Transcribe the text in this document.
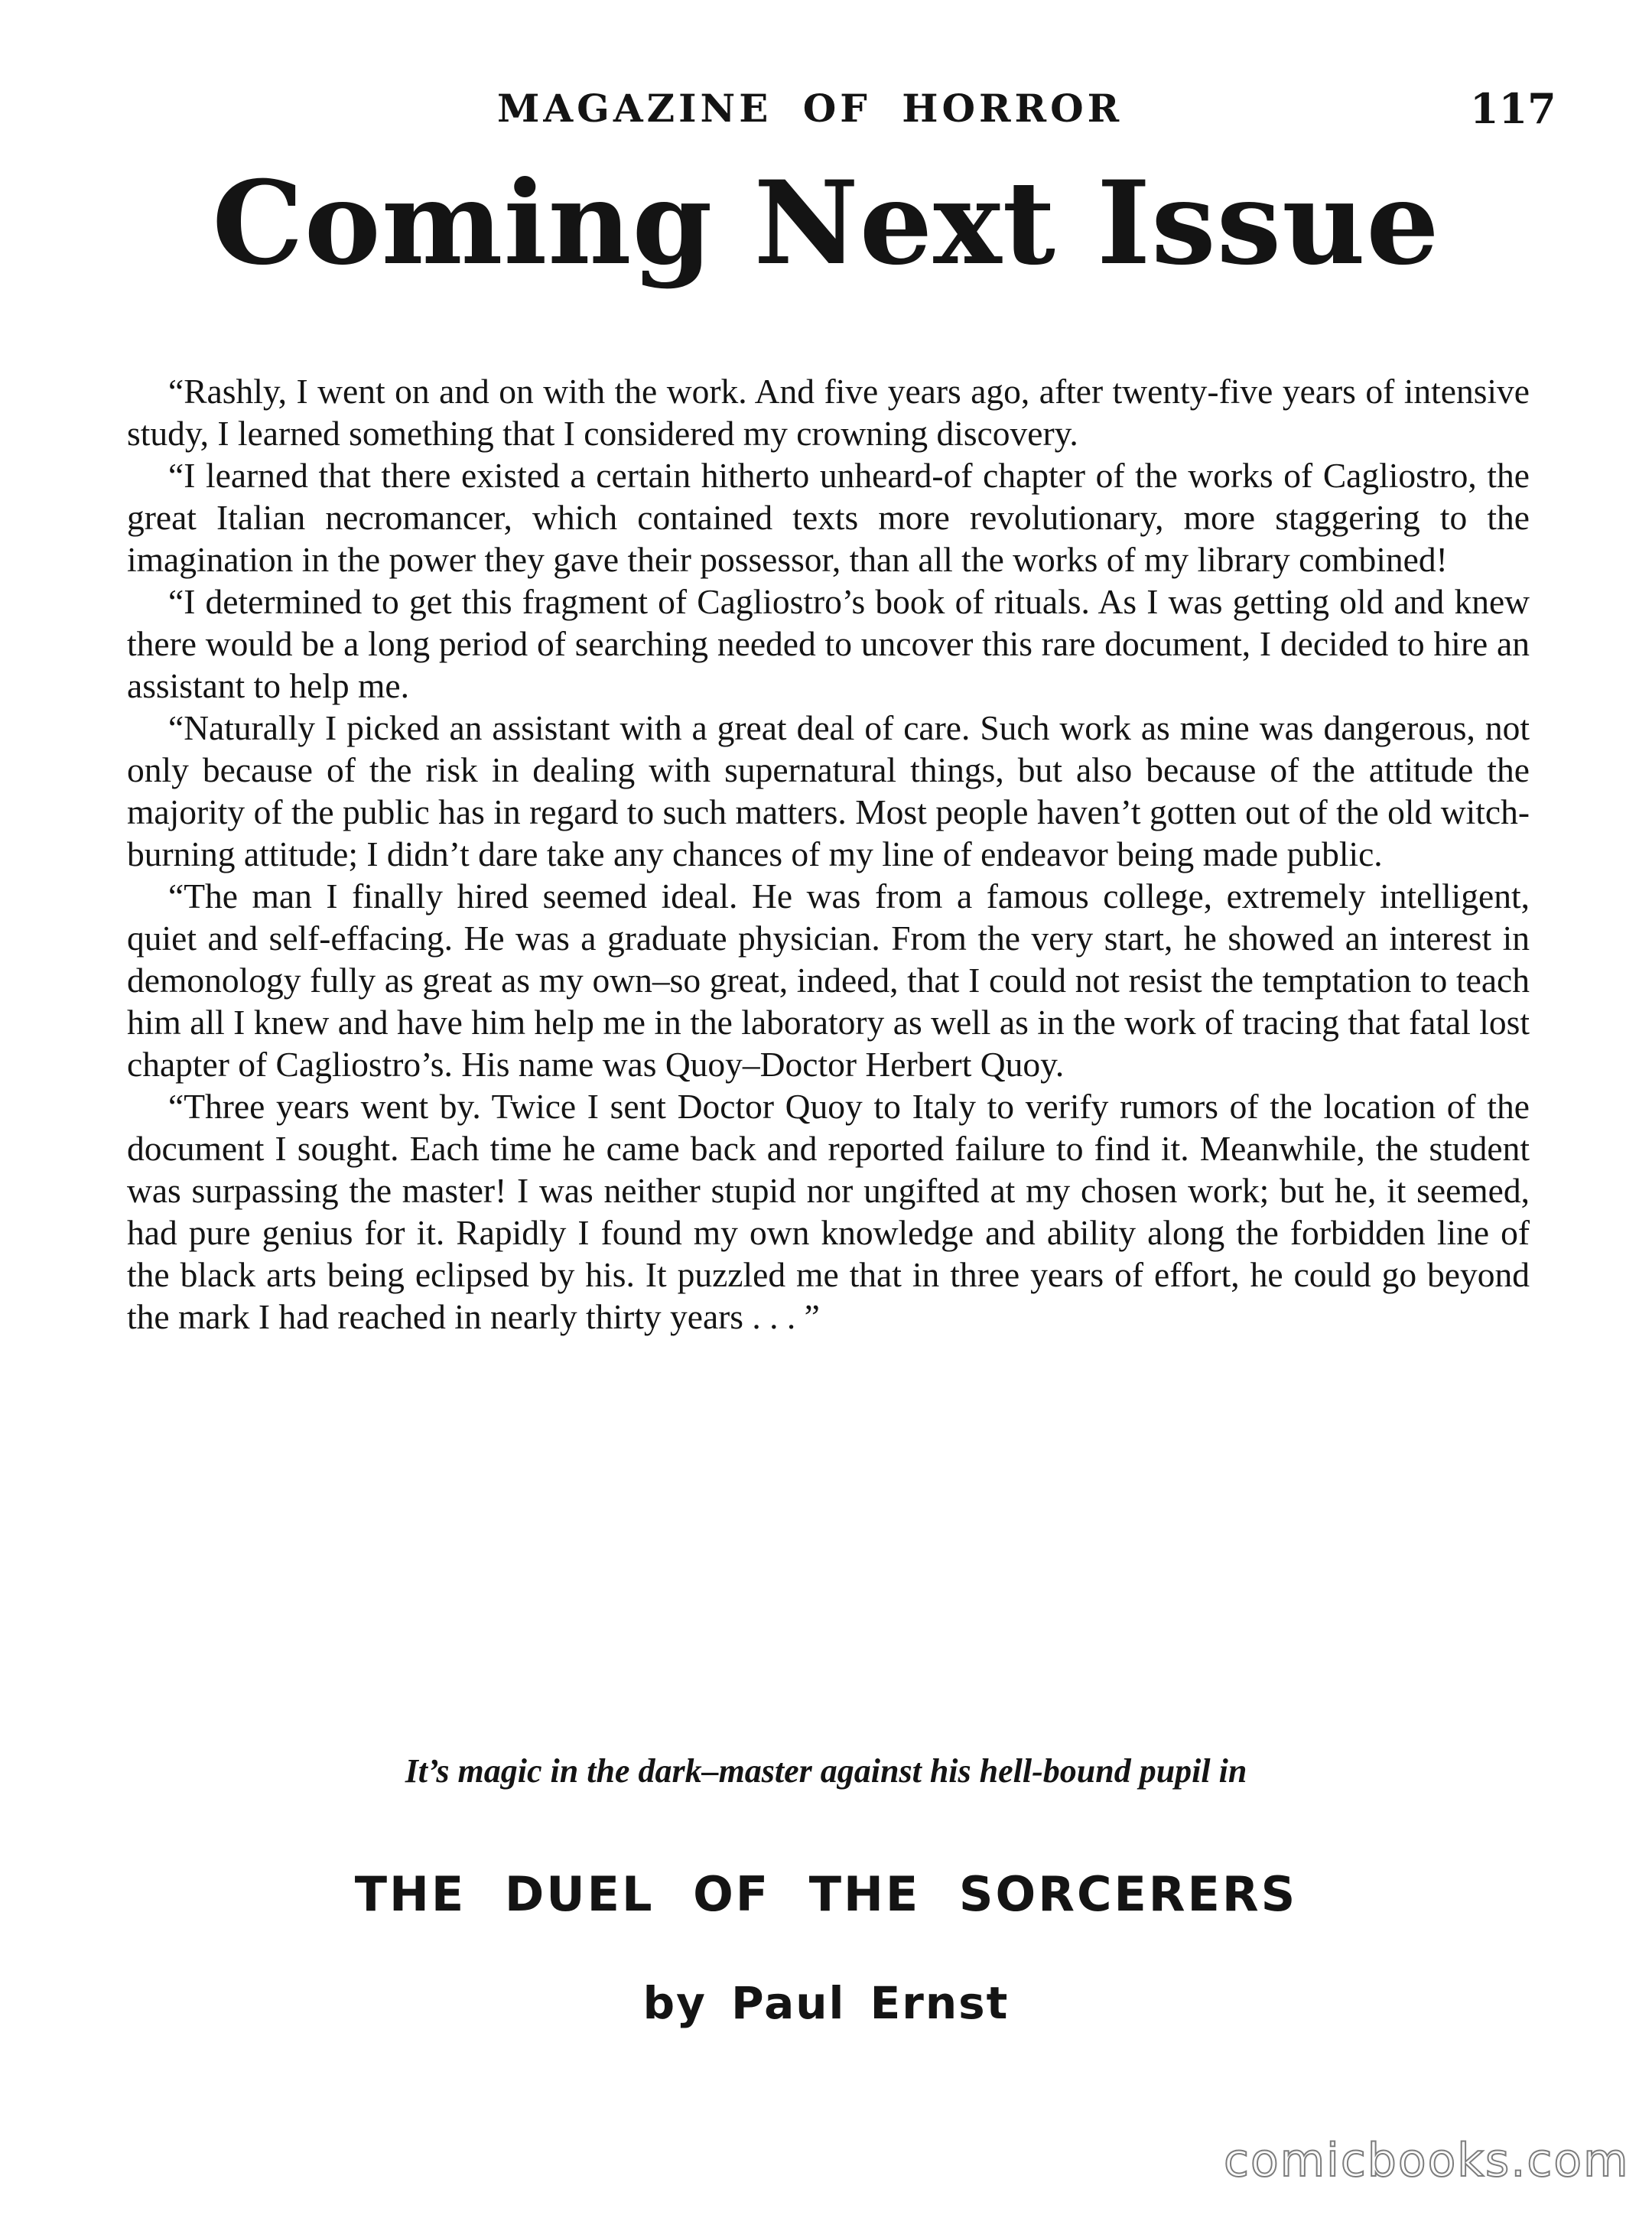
MAGAZINE OF HORROR	117
Coming Next Issue

“Rashly, I went on and on with the work. And five years ago, after twenty-five years of intensive study, I learned something that I considered my crowning discovery.

“I learned that there existed a certain hitherto unheard-of chapter of the works of Cagliostro, the great Italian necromancer, which contained texts more revolutionary, more staggering to the imagination in the power they gave their possessor, than all the works of my library combined!

“I determined to get this fragment of Cagliostro’s book of rituals. As I was getting old and knew there would be a long period of searching needed to uncover this rare document, I decided to hire an assistant to help me.

“Naturally I picked an assistant with a great deal of care. Such work as mine was dangerous, not only because of the risk in dealing with supernatural things, but also because of the attitude the majority of the public has in regard to such matters. Most people haven’t gotten out of the old witch-burning attitude; I didn’t dare take any chances of my line of endeavor being made public.

“The man I finally hired seemed ideal. He was from a famous college, extremely intelligent, quiet and self-effacing. He was a graduate physician. From the very start, he showed an interest in demonology fully as great as my own–so great, indeed, that I could not resist the temptation to teach him all I knew and have him help me in the laboratory as well as in the work of tracing that fatal lost chapter of Cagliostro’s. His name was Quoy–Doctor Herbert Quoy.

“Three years went by. Twice I sent Doctor Quoy to Italy to verify rumors of the location of the document I sought. Each time he came back and reported failure to find it. Meanwhile, the student was surpassing the master! I was neither stupid nor ungifted at my chosen work; but he, it seemed, had pure genius for it. Rapidly I found my own knowledge and ability along the forbidden line of the black arts being eclipsed by his. It puzzled me that in three years of effort, he could go beyond the mark I had reached in nearly thirty years . . . ”

It’s magic in the dark–master against his hell-bound pupil in
THE DUEL OF THE SORCERERS
by Paul Ernst
comicbooks.com
